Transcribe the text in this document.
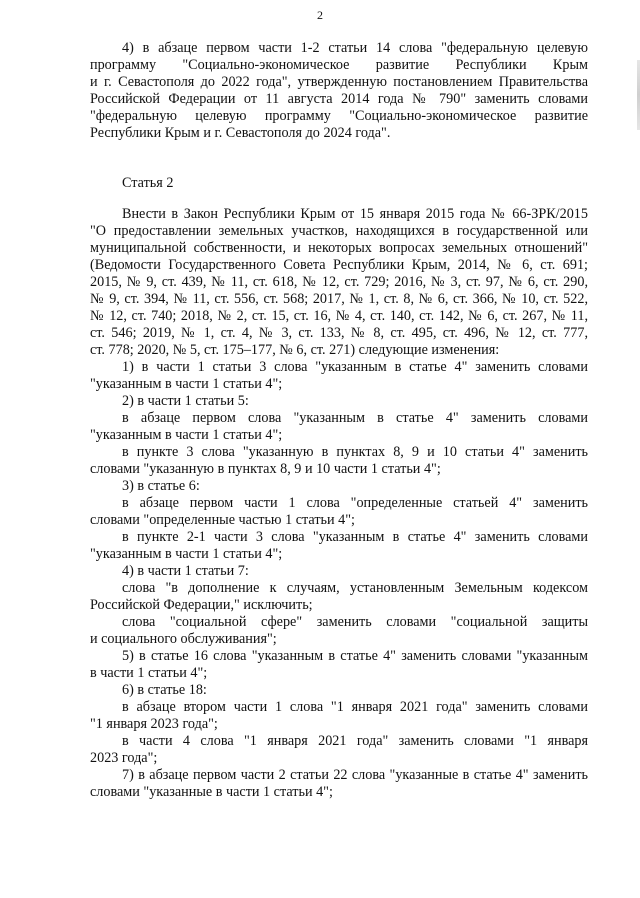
2
4) в абзаце первом части 1-2 статьи 14 слова "федеральную целевую
программу "Социально-экономическое развитие Республики Крым
и г. Севастополя до 2022 года", утвержденную постановлением Правительства
Российской Федерации от 11 августа 2014 года № 790" заменить словами
"федеральную целевую программу "Социально-экономическое развитие
Республики Крым и г. Севастополя до 2024 года".
Статья 2
Внести в Закон Республики Крым от 15 января 2015 года № 66-ЗРК/2015
"О предоставлении земельных участков, находящихся в государственной или
муниципальной собственности, и некоторых вопросах земельных отношений"
(Ведомости Государственного Совета Республики Крым, 2014, № 6, ст. 691;
2015, № 9, ст. 439, № 11, ст. 618, № 12, ст. 729; 2016, № 3, ст. 97, № 6, ст. 290,
№ 9, ст. 394, № 11, ст. 556, ст. 568; 2017, № 1, ст. 8, № 6, ст. 366, № 10, ст. 522,
№ 12, ст. 740; 2018, № 2, ст. 15, ст. 16, № 4, ст. 140, ст. 142, № 6, ст. 267, № 11,
ст. 546; 2019, № 1, ст. 4, № 3, ст. 133, № 8, ст. 495, ст. 496, № 12, ст. 777,
ст. 778; 2020, № 5, ст. 175–177, № 6, ст. 271) следующие изменения:
1) в части 1 статьи 3 слова "указанным в статье 4" заменить словами
"указанным в части 1 статьи 4";
2) в части 1 статьи 5:
в абзаце первом слова "указанным в статье 4" заменить словами
"указанным в части 1 статьи 4";
в пункте 3 слова "указанную в пунктах 8, 9 и 10 статьи 4" заменить
словами "указанную в пунктах 8, 9 и 10 части 1 статьи 4";
3) в статье 6:
в абзаце первом части 1 слова "определенные статьей 4" заменить
словами "определенные частью 1 статьи 4";
в пункте 2-1 части 3 слова "указанным в статье 4" заменить словами
"указанным в части 1 статьи 4";
4) в части 1 статьи 7:
слова "в дополнение к случаям, установленным Земельным кодексом
Российской Федерации," исключить;
слова "социальной сфере" заменить словами "социальной защиты
и социального обслуживания";
5) в статье 16 слова "указанным в статье 4" заменить словами "указанным
в части 1 статьи 4";
6) в статье 18:
в абзаце втором части 1 слова "1 января 2021 года" заменить словами
"1 января 2023 года";
в части 4 слова "1 января 2021 года" заменить словами "1 января
2023 года";
7) в абзаце первом части 2 статьи 22 слова "указанные в статье 4" заменить
словами "указанные в части 1 статьи 4";
